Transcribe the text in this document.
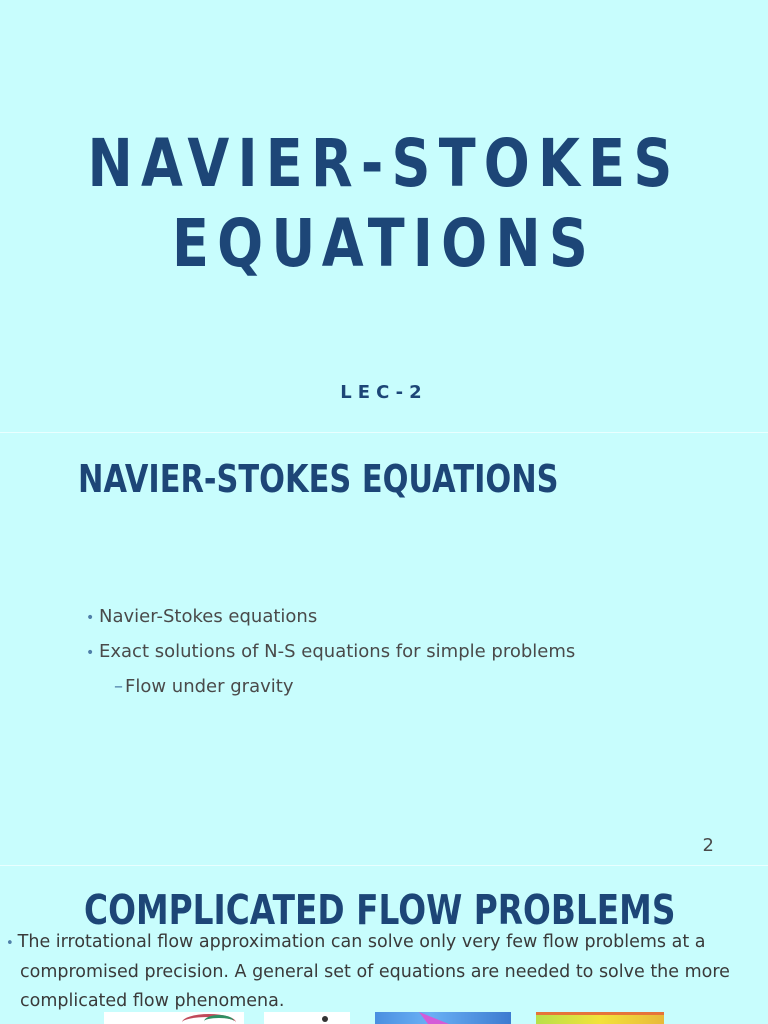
NAVIER-STOKES
EQUATIONS
LEC-2
NAVIER-STOKES EQUATIONS
• Navier-Stokes equations
• Exact solutions of N-S equations for simple problems
– Flow under gravity
2
COMPLICATED FLOW PROBLEMS

• The irrotational flow approximation can solve only very few flow problems at a
compromised precision. A general set of equations are needed to solve the more
complicated flow phenomena.
